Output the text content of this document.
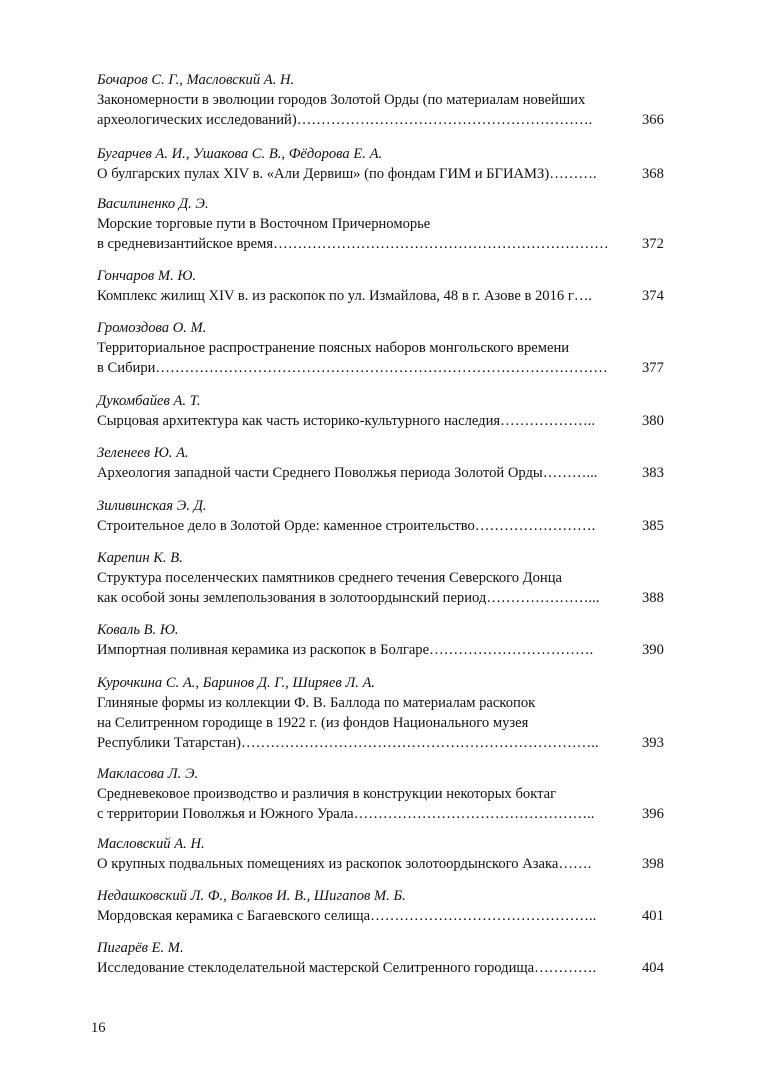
Бочаров С. Г., Масловский А. Н.
Закономерности в эволюции городов Золотой Орды (по материалам новейших
археологических исследований)…………………………………………………….	366
Бугарчев А. И., Ушакова С. В., Фёдорова Е. А.
О булгарских пулах XIV в. «Али Дервиш» (по фондам ГИМ и БГИАМЗ)……….	368
Василиненко Д. Э.
Морские торговые пути в Восточном Причерноморье
в средневизантийское время…………………………………………………………… 372
Гончаров М. Ю.
Комплекс жилищ XIV в. из раскопок по ул. Измайлова, 48 в г. Азове в 2016 г….	374
Громоздова О. М.
Территориальное распространение поясных наборов монгольского времени
в Сибири………………………………………………………………………………… 377
Дукомбайев А. Т.
Сырцовая архитектура как часть историко-культурного наследия………………..	380
Зеленеев Ю. А.
Археология западной части Среднего Поволжья периода Золотой Орды………...	383
Зиливинская Э. Д.
Строительное дело в Золотой Орде: каменное строительство…………………….	385
Карепин К. В.
Структура поселенческих памятников среднего течения Северского Донца
как особой зоны землепользования в золотоордынский период…………………...	388
Коваль В. Ю.
Импортная поливная керамика из раскопок в Болгаре…………………………….	390
Курочкина С. А., Баринов Д. Г., Ширяев Л. А.
Глиняные формы из коллекции Ф. В. Баллода по материалам раскопок
на Селитренном городище в 1922 г. (из фондов Национального музея
Республики Татарстан)………………………………………………………………..	393
Макласова Л. Э.
Средневековое производство и различия в конструкции некоторых боктаг
с территории Поволжья и Южного Урала…………………………………………..	396
Масловский А. Н.
О крупных подвальных помещениях из раскопок золотоордынского Азака…….	398
Недашковский Л. Ф., Волков И. В., Шигапов М. Б.
Мордовская керамика с Багаевского селища………………………………………..	401
Пигарёв Е. М.
Исследование стеклоделательной мастерской Селитренного городища………….	404
16
